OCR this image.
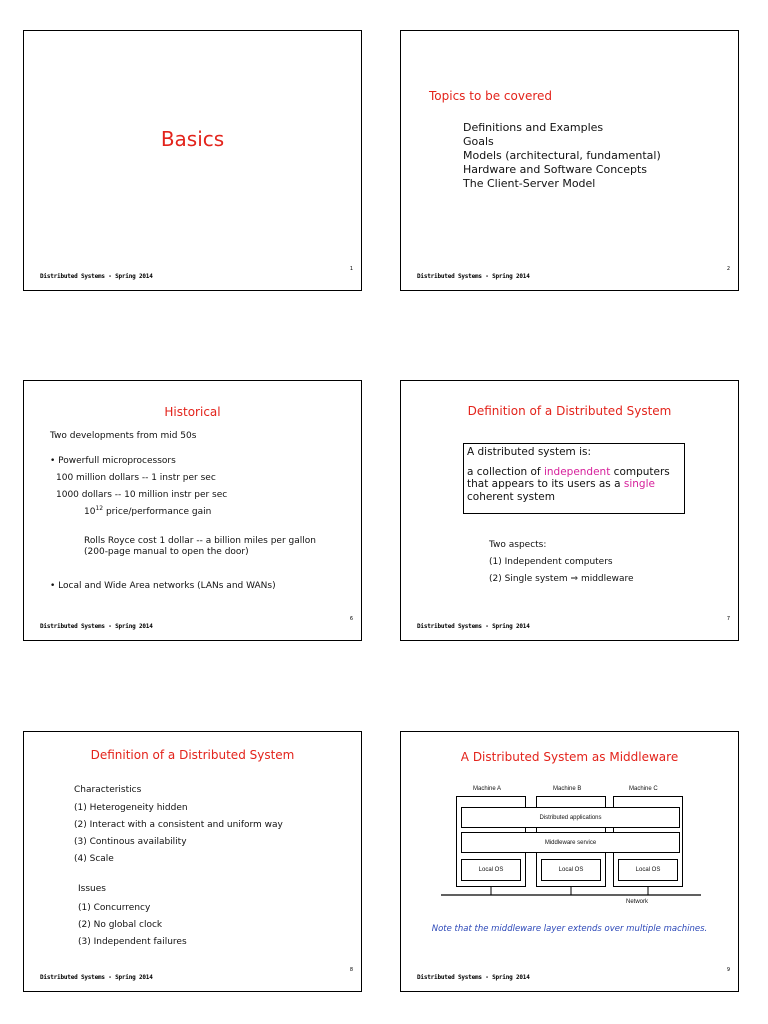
Basics
Distributed Systems - Spring 2014
1
Topics to be covered
Definitions and Examples
Goals
Models (architectural, fundamental)
Hardware and Software Concepts
The Client-Server Model
Distributed Systems - Spring 2014
2
Historical
Two developments from mid 50s
• Powerfull microprocessors
100 million dollars -- 1 instr per sec
1000 dollars -- 10 million instr per sec
$10^{12}$ price/performance gain
Rolls Royce cost 1 dollar -- a billion miles per gallon
(200-page manual to open the door)
• Local and Wide Area networks (LANs and WANs)
Distributed Systems - Spring 2014
6
Definition of a Distributed System
A distributed system is:
a collection of independent computers
that appears to its users as a single
coherent system
Two aspects:
(1) Independent computers
(2) Single system ⇒ middleware
Distributed Systems - Spring 2014
7
Definition of a Distributed System
Characteristics
(1) Heterogeneity hidden
(2) Interact with a consistent and uniform way
(3) Continous availability
(4) Scale
Issues
(1) Concurrency
(2) No global clock
(3) Independent failures
Distributed Systems - Spring 2014
8
A Distributed System as Middleware
Machine A	Machine B	Machine C
Distributed applications
Middleware service
Local OS	Local OS	Local OS
Network
Note that the middleware layer extends over multiple machines.
Distributed Systems - Spring 2014
9
